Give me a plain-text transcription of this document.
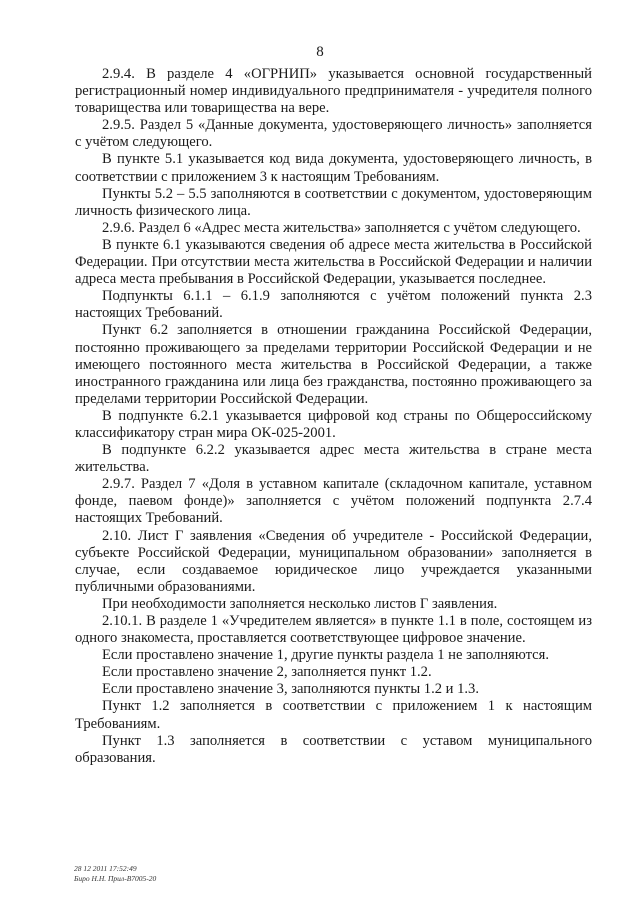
8

2.9.4. В разделе 4 «ОГРНИП» указывается основной государственный регистрационный номер индивидуального предпринимателя - учредителя полного товарищества или товарищества на вере.

2.9.5. Раздел 5 «Данные документа, удостоверяющего личность» заполняется с учётом следующего.

В пункте 5.1 указывается код вида документа, удостоверяющего личность, в соответствии с приложением 3 к настоящим Требованиям.

Пункты 5.2 – 5.5 заполняются в соответствии с документом, удостоверяющим личность физического лица.

2.9.6. Раздел 6 «Адрес места жительства» заполняется с учётом следующего.

В пункте 6.1 указываются сведения об адресе места жительства в Российской Федерации. При отсутствии места жительства в Российской Федерации и наличии адреса места пребывания в Российской Федерации, указывается последнее.

Подпункты 6.1.1 – 6.1.9 заполняются с учётом положений пункта 2.3 настоящих Требований.

Пункт 6.2 заполняется в отношении гражданина Российской Федерации, постоянно проживающего за пределами территории Российской Федерации и не имеющего постоянного места жительства в Российской Федерации, а также иностранного гражданина или лица без гражданства, постоянно проживающего за пределами территории Российской Федерации.

В подпункте 6.2.1 указывается цифровой код страны по Общероссийскому классификатору стран мира ОК-025-2001.

В подпункте 6.2.2 указывается адрес места жительства в стране места жительства.

2.9.7. Раздел 7 «Доля в уставном капитале (складочном капитале, уставном фонде, паевом фонде)» заполняется с учётом положений подпункта 2.7.4 настоящих Требований.

2.10. Лист Г заявления «Сведения об учредителе - Российской Федерации, субъекте Российской Федерации, муниципальном образовании» заполняется в случае, если создаваемое юридическое лицо учреждается указанными публичными образованиями.

При необходимости заполняется несколько листов Г заявления.

2.10.1. В разделе 1 «Учредителем является» в пункте 1.1 в поле, состоящем из одного знакоместа, проставляется соответствующее цифровое значение.

Если проставлено значение 1, другие пункты раздела 1 не заполняются.

Если проставлено значение 2, заполняется пункт 1.2.

Если проставлено значение 3, заполняются пункты 1.2 и 1.3.

Пункт 1.2 заполняется в соответствии с приложением 1 к настоящим Требованиям.

Пункт 1.3 заполняется в соответствии с уставом муниципального образования.

28 12 2011 17:52:49
Биро Н.Н. Прил-В7005-20
